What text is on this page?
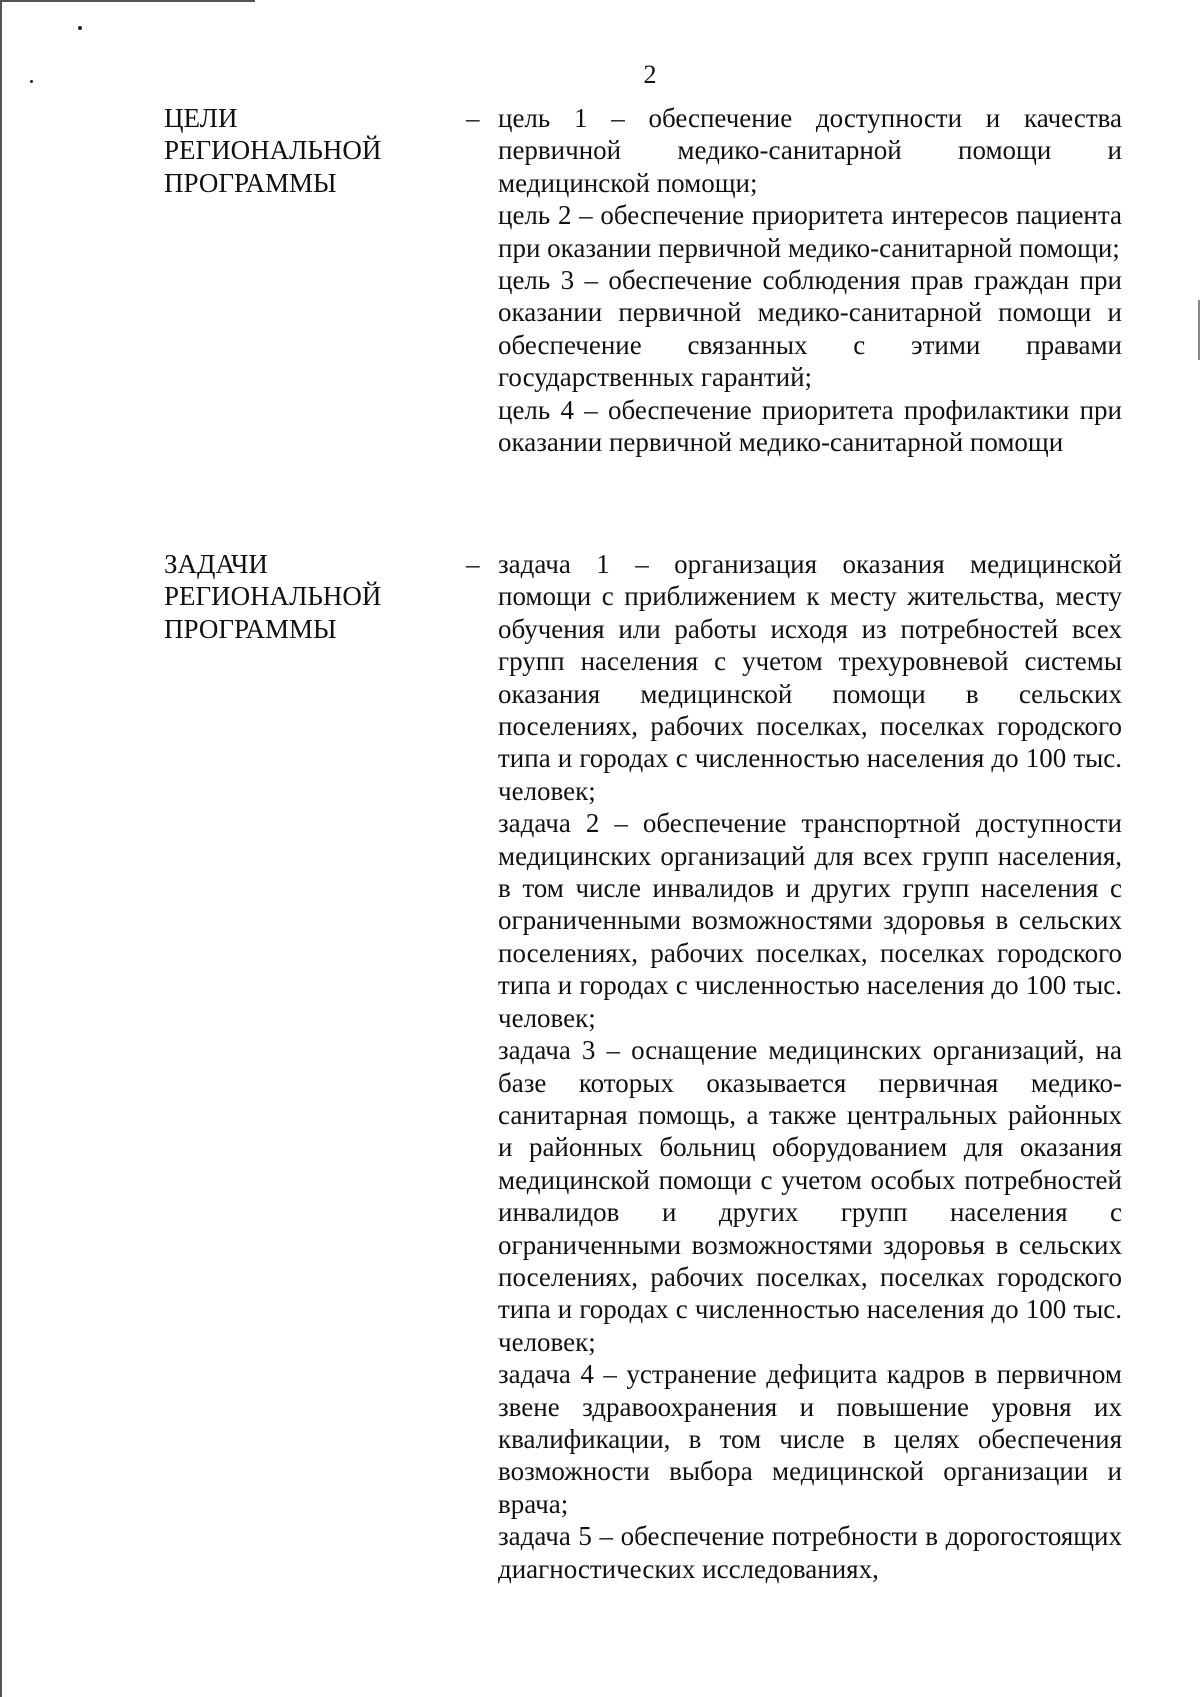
2
ЦЕЛИ
РЕГИОНАЛЬНОЙ
ПРОГРАММЫ
– цель 1 – обеспечение доступности и качества первичной медико-санитарной помощи и медицинской помощи;

цель 2 – обеспечение приоритета интересов пациента при оказании первичной медико-санитарной помощи;

цель 3 – обеспечение соблюдения прав граждан при оказании первичной медико-санитарной помощи и обеспечение связанных с этими правами государственных гарантий;

цель 4 – обеспечение приоритета профилактики при оказании первичной медико-санитарной помощи

ЗАДАЧИ
РЕГИОНАЛЬНОЙ
ПРОГРАММЫ
– задача 1 – организация оказания медицинской помощи с приближением к месту жительства, месту обучения или работы исходя из потребностей всех групп населения с учетом трехуровневой системы оказания медицинской помощи в сельских поселениях, рабочих поселках, поселках городского типа и городах с численностью населения до 100 тыс. человек;

задача 2 – обеспечение транспортной доступности медицинских организаций для всех групп населения, в том числе инвалидов и других групп населения с ограниченными возможностями здоровья в сельских поселениях, рабочих поселках, поселках городского типа и городах с численностью населения до 100 тыс. человек;

задача 3 – оснащение медицинских организаций, на базе которых оказывается первичная медико-санитарная помощь, а также центральных районных и районных больниц оборудованием для оказания медицинской помощи с учетом особых потребностей инвалидов и других групп населения с ограниченными возможностями здоровья в сельских поселениях, рабочих поселках, поселках городского типа и городах с численностью населения до 100 тыс. человек;

задача 4 – устранение дефицита кадров в первичном звене здравоохранения и повышение уровня их квалификации, в том числе в целях обеспечения возможности выбора медицинской организации и врача;

задача 5 – обеспечение потребности в дорогостоящих диагностических исследованиях,
